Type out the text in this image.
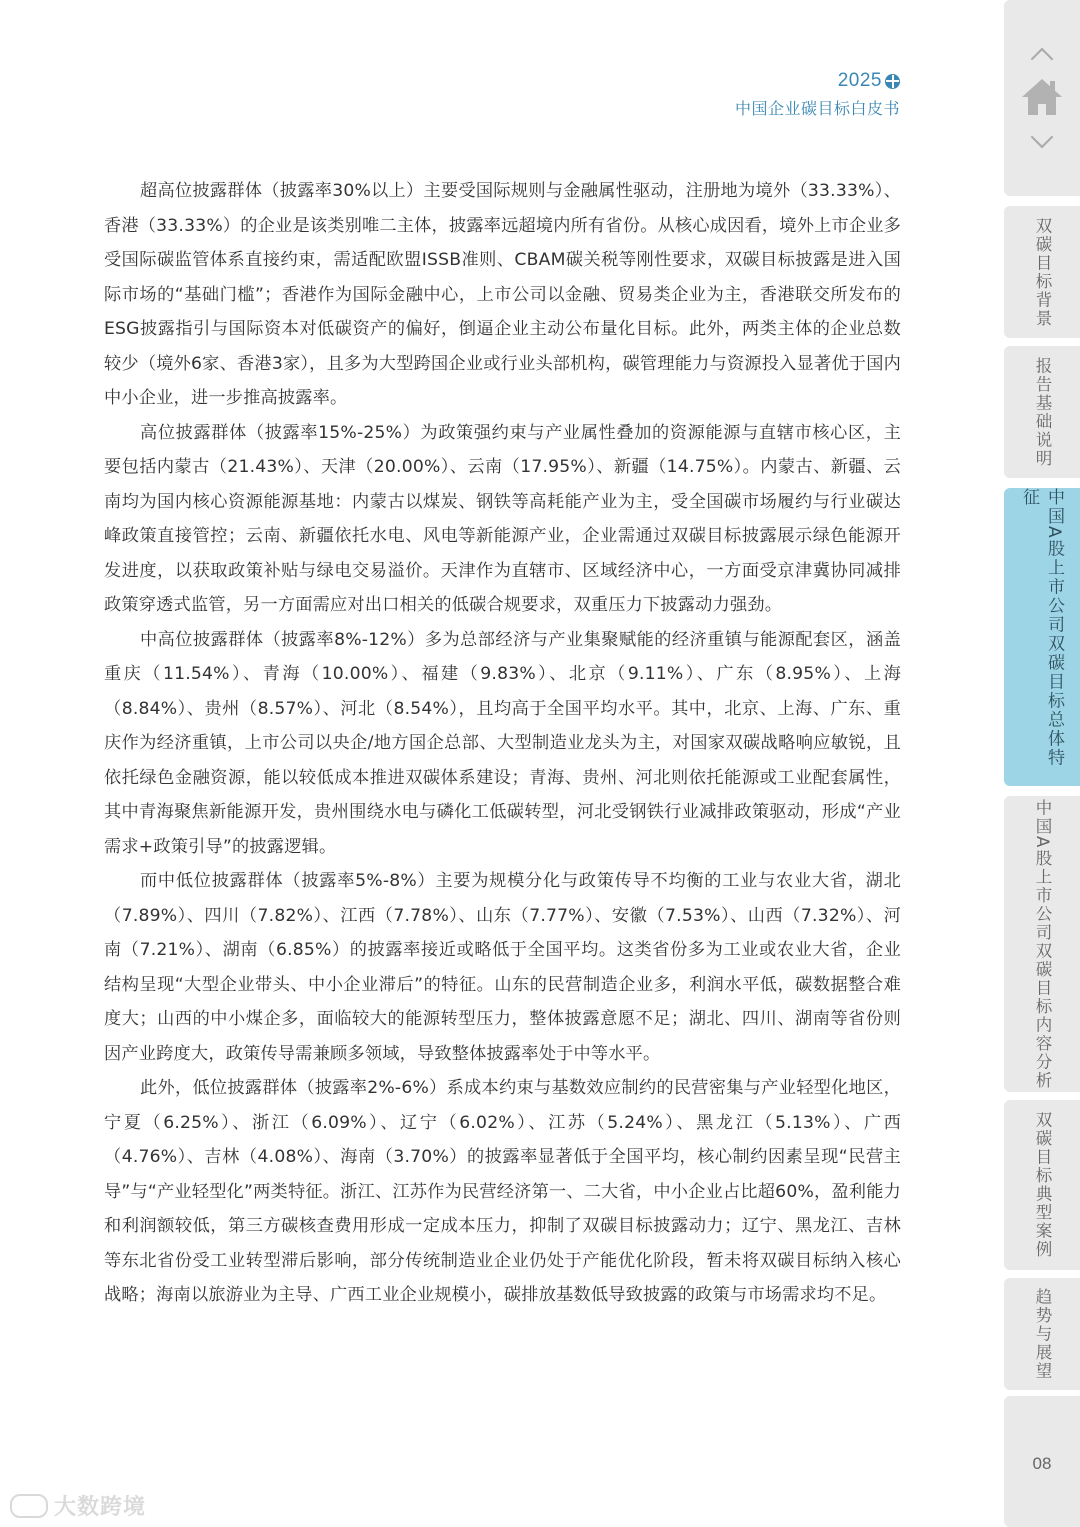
2025
中国企业碳目标白皮书

超高位披露群体（披露率30%以上）主要受国际规则与金融属性驱动，注册地为境外（33.33%）、香港（33.33%）的企业是该类别唯二主体，披露率远超境内所有省份。从核心成因看，境外上市企业多受国际碳监管体系直接约束，需适配欧盟ISSB准则、CBAM碳关税等刚性要求，双碳目标披露是进入国际市场的“基础门槛”；香港作为国际金融中心，上市公司以金融、贸易类企业为主，香港联交所发布的ESG披露指引与国际资本对低碳资产的偏好，倒逼企业主动公布量化目标。此外，两类主体的企业总数较少（境外6家、香港3家），且多为大型跨国企业或行业头部机构，碳管理能力与资源投入显著优于国内中小企业，进一步推高披露率。

高位披露群体（披露率15%-25%）为政策强约束与产业属性叠加的资源能源与直辖市核心区，主要包括内蒙古（21.43%）、天津（20.00%）、云南（17.95%）、新疆（14.75%）。内蒙古、新疆、云南均为国内核心资源能源基地：内蒙古以煤炭、钢铁等高耗能产业为主，受全国碳市场履约与行业碳达峰政策直接管控；云南、新疆依托水电、风电等新能源产业，企业需通过双碳目标披露展示绿色能源开发进度，以获取政策补贴与绿电交易溢价。天津作为直辖市、区域经济中心，一方面受京津冀协同减排政策穿透式监管，另一方面需应对出口相关的低碳合规要求，双重压力下披露动力强劲。

中高位披露群体（披露率8%-12%）多为总部经济与产业集聚赋能的经济重镇与能源配套区，涵盖重庆（11.54%）、青海（10.00%）、福建（9.83%）、北京（9.11%）、广东（8.95%）、上海（8.84%）、贵州（8.57%）、河北（8.54%），且均高于全国平均水平。其中，北京、上海、广东、重庆作为经济重镇，上市公司以央企/地方国企总部、大型制造业龙头为主，对国家双碳战略响应敏锐，且依托绿色金融资源，能以较低成本推进双碳体系建设；青海、贵州、河北则依托能源或工业配套属性，其中青海聚焦新能源开发，贵州围绕水电与磷化工低碳转型，河北受钢铁行业减排政策驱动，形成“产业需求+政策引导”的披露逻辑。

而中低位披露群体（披露率5%-8%）主要为规模分化与政策传导不均衡的工业与农业大省，湖北（7.89%）、四川（7.82%）、江西（7.78%）、山东（7.77%）、安徽（7.53%）、山西（7.32%）、河南（7.21%）、湖南（6.85%）的披露率接近或略低于全国平均。这类省份多为工业或农业大省，企业结构呈现“大型企业带头、中小企业滞后”的特征。山东的民营制造企业多，利润水平低，碳数据整合难度大；山西的中小煤企多，面临较大的能源转型压力，整体披露意愿不足；湖北、四川、湖南等省份则因产业跨度大，政策传导需兼顾多领域，导致整体披露率处于中等水平。

此外，低位披露群体（披露率2%-6%）系成本约束与基数效应制约的民营密集与产业轻型化地区，宁夏（6.25%）、浙江（6.09%）、辽宁（6.02%）、江苏（5.24%）、黑龙江（5.13%）、广西（4.76%）、吉林（4.08%）、海南（3.70%）的披露率显著低于全国平均，核心制约因素呈现“民营主导”与“产业轻型化”两类特征。浙江、江苏作为民营经济第一、二大省，中小企业占比超60%，盈利能力和利润额较低，第三方碳核查费用形成一定成本压力，抑制了双碳目标披露动力；辽宁、黑龙江、吉林等东北省份受工业转型滞后影响，部分传统制造业企业仍处于产能优化阶段，暂未将双碳目标纳入核心战略；海南以旅游业为主导、广西工业企业规模小，碳排放基数低导致披露的政策与市场需求均不足。

双碳目标背景
报告基础说明
中国A股上市公司双碳目标总体特征
中国A股上市公司双碳目标内容分析
双碳目标典型案例
趋势与展望
08
大数跨境
